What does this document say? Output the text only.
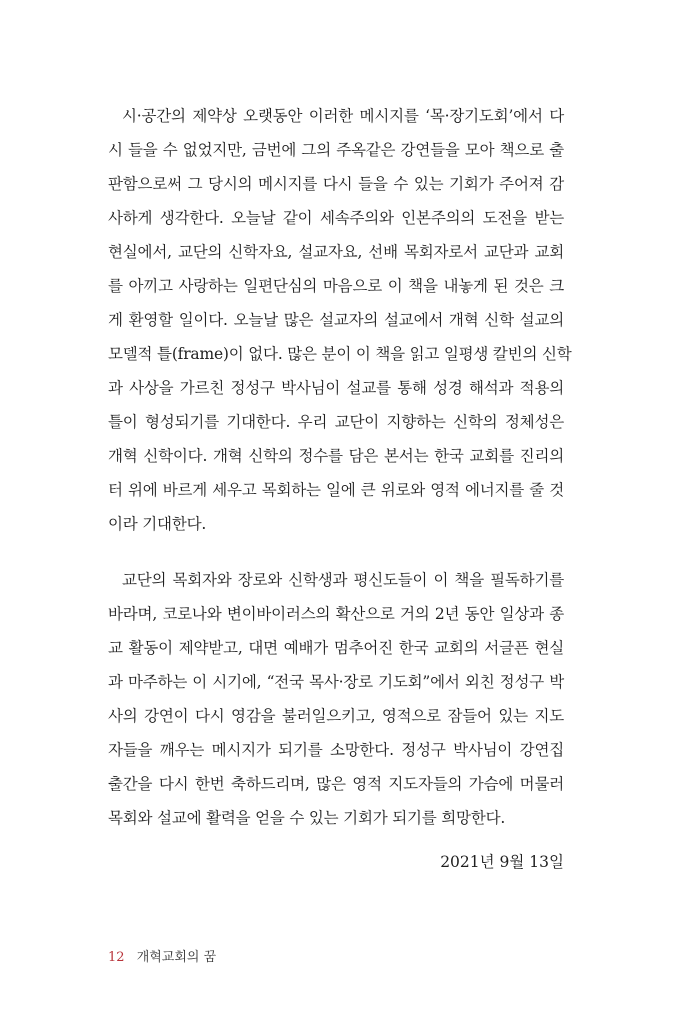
시·공간의 제약상 오랫동안 이러한 메시지를 ‘목·장기도회’에서 다
시 들을 수 없었지만, 금번에 그의 주옥같은 강연들을 모아 책으로 출
판함으로써 그 당시의 메시지를 다시 들을 수 있는 기회가 주어져 감
사하게 생각한다. 오늘날 같이 세속주의와 인본주의의 도전을 받는
현실에서, 교단의 신학자요, 설교자요, 선배 목회자로서 교단과 교회
를 아끼고 사랑하는 일편단심의 마음으로 이 책을 내놓게 된 것은 크
게 환영할 일이다. 오늘날 많은 설교자의 설교에서 개혁 신학 설교의
모델적 틀(frame)이 없다. 많은 분이 이 책을 읽고 일평생 칼빈의 신학
과 사상을 가르친 정성구 박사님이 설교를 통해 성경 해석과 적용의
틀이 형성되기를 기대한다. 우리 교단이 지향하는 신학의 정체성은
개혁 신학이다. 개혁 신학의 정수를 담은 본서는 한국 교회를 진리의
터 위에 바르게 세우고 목회하는 일에 큰 위로와 영적 에너지를 줄 것
이라 기대한다.
교단의 목회자와 장로와 신학생과 평신도들이 이 책을 필독하기를
바라며, 코로나와 변이바이러스의 확산으로 거의 2년 동안 일상과 종
교 활동이 제약받고, 대면 예배가 멈추어진 한국 교회의 서글픈 현실
과 마주하는 이 시기에, “전국 목사·장로 기도회”에서 외친 정성구 박
사의 강연이 다시 영감을 불러일으키고, 영적으로 잠들어 있는 지도
자들을 깨우는 메시지가 되기를 소망한다. 정성구 박사님이 강연집
출간을 다시 한번 축하드리며, 많은 영적 지도자들의 가슴에 머물러
목회와 설교에 활력을 얻을 수 있는 기회가 되기를 희망한다.
2021년 9월 13일
12 개혁교회의 꿈
